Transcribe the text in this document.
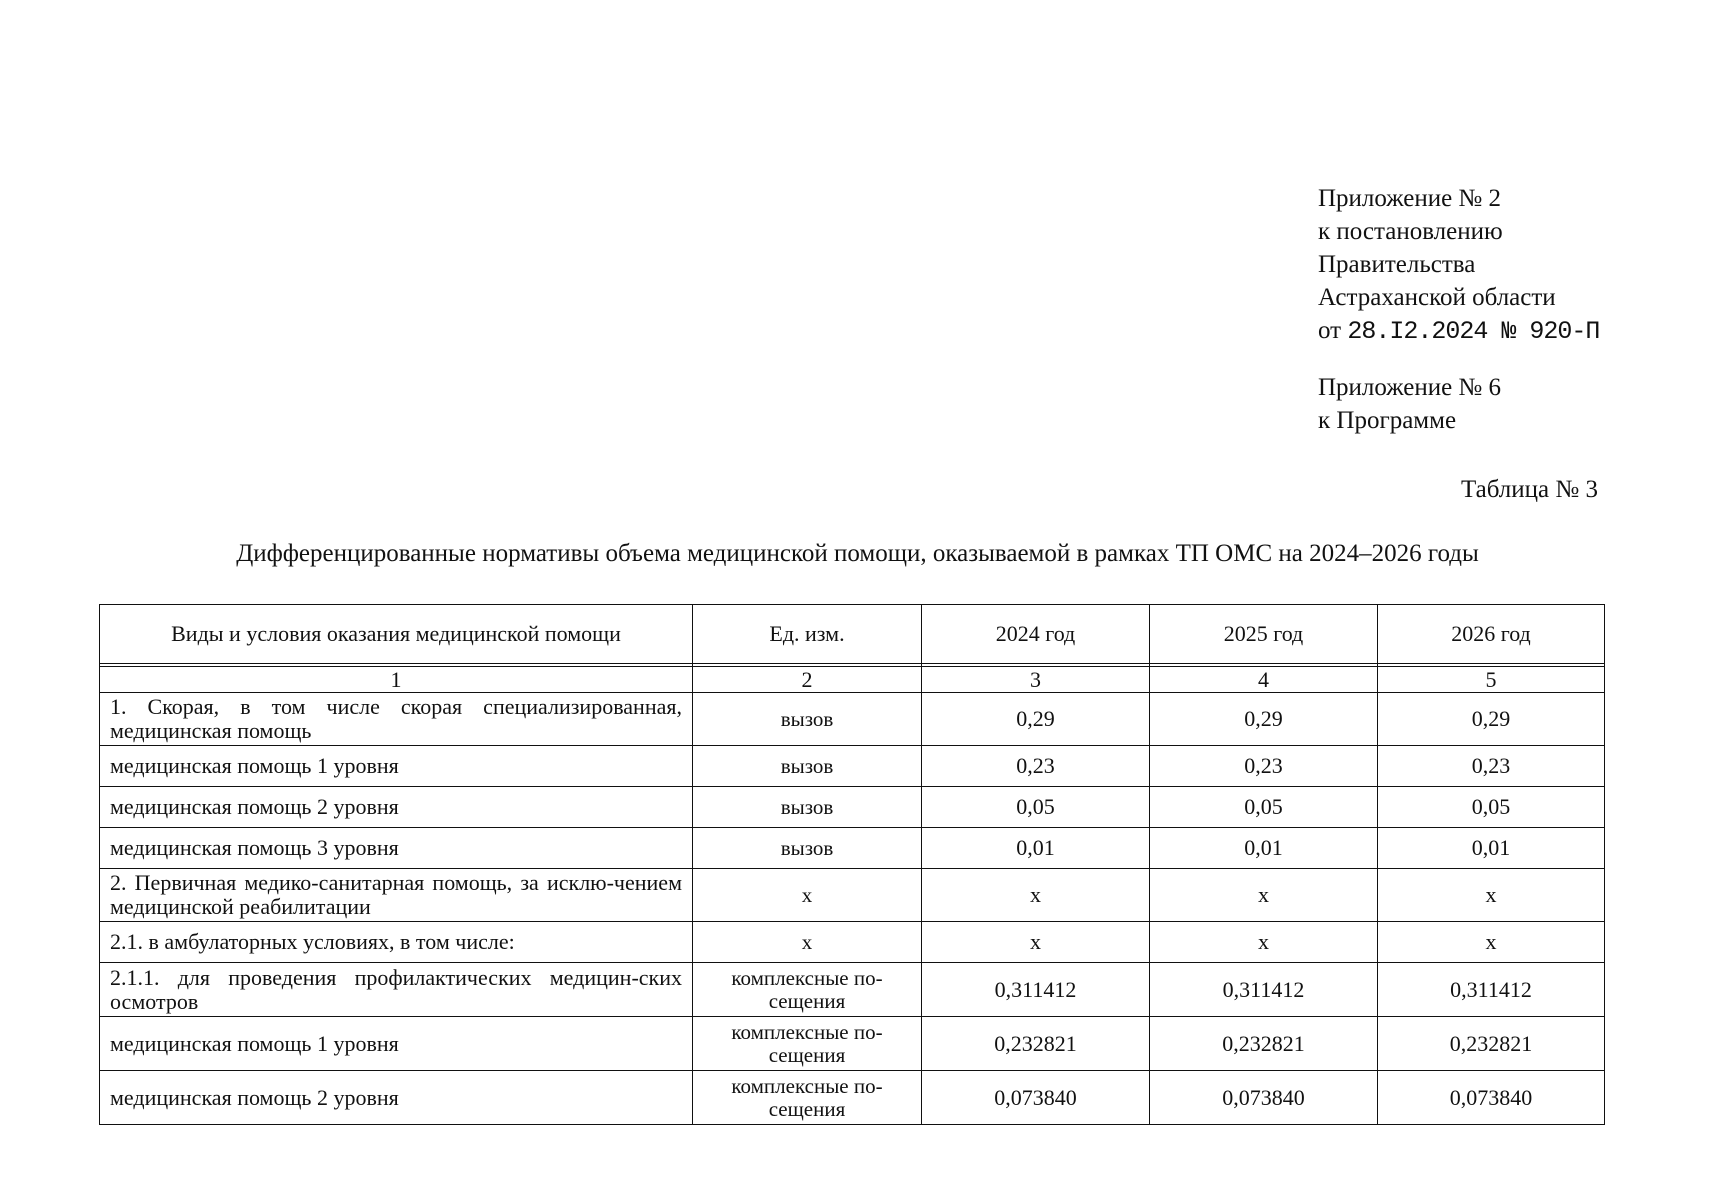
Приложение № 2
к постановлению
Правительства
Астраханской области
от 28.I2.2024 № 920-П
Приложение № 6
к Программе
Таблица № 3
Дифференцированные нормативы объема медицинской помощи, оказываемой в рамках ТП ОМС на 2024–2026 годы
Виды и условия оказания медицинской помощи	Ед. изм.	2024 год	2025 год	2026 год

1	2	3	4	5
1. Скорая, в том числе скорая специализированная, медицинская помощь	вызов	0,29	0,29	0,29
медицинская помощь 1 уровня	вызов	0,23	0,23	0,23
медицинская помощь 2 уровня	вызов	0,05	0,05	0,05
медицинская помощь 3 уровня	вызов	0,01	0,01	0,01
2. Первичная медико-санитарная помощь, за исклю-чением медицинской реабилитации	х	х	х	х
2.1. в амбулаторных условиях, в том числе:	х	х	х	х
2.1.1. для проведения профилактических медицин-ских осмотров	комплексные по-сещения	0,311412	0,311412	0,311412
медицинская помощь 1 уровня	комплексные по-сещения	0,232821	0,232821	0,232821
медицинская помощь 2 уровня	комплексные по-сещения	0,073840	0,073840	0,073840
